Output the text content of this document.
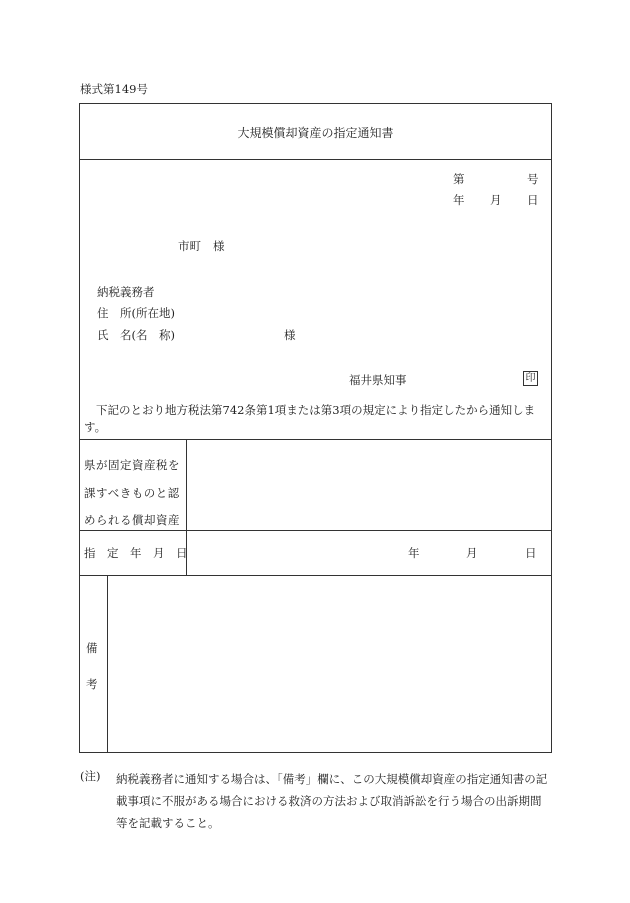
様式第149号
大規模償却資産の指定通知書
第	号
年 月 日
市町 様
納税義務者
住　所(所在地)
氏　名(名　称)	様
福井県知事	印
下記のとおり地方税法第742条第1項または第3項の規定により指定したから通知します。
県が固定資産税を
課すべきものと認
められる償却資産
指　定　年　月　日	年	月	日
備
考
(注) 納税義務者に通知する場合は、「備考」欄に、この大規模償却資産の指定通知書の記載事項に不服がある場合における救済の方法および取消訴訟を行う場合の出訴期間等を記載すること。
